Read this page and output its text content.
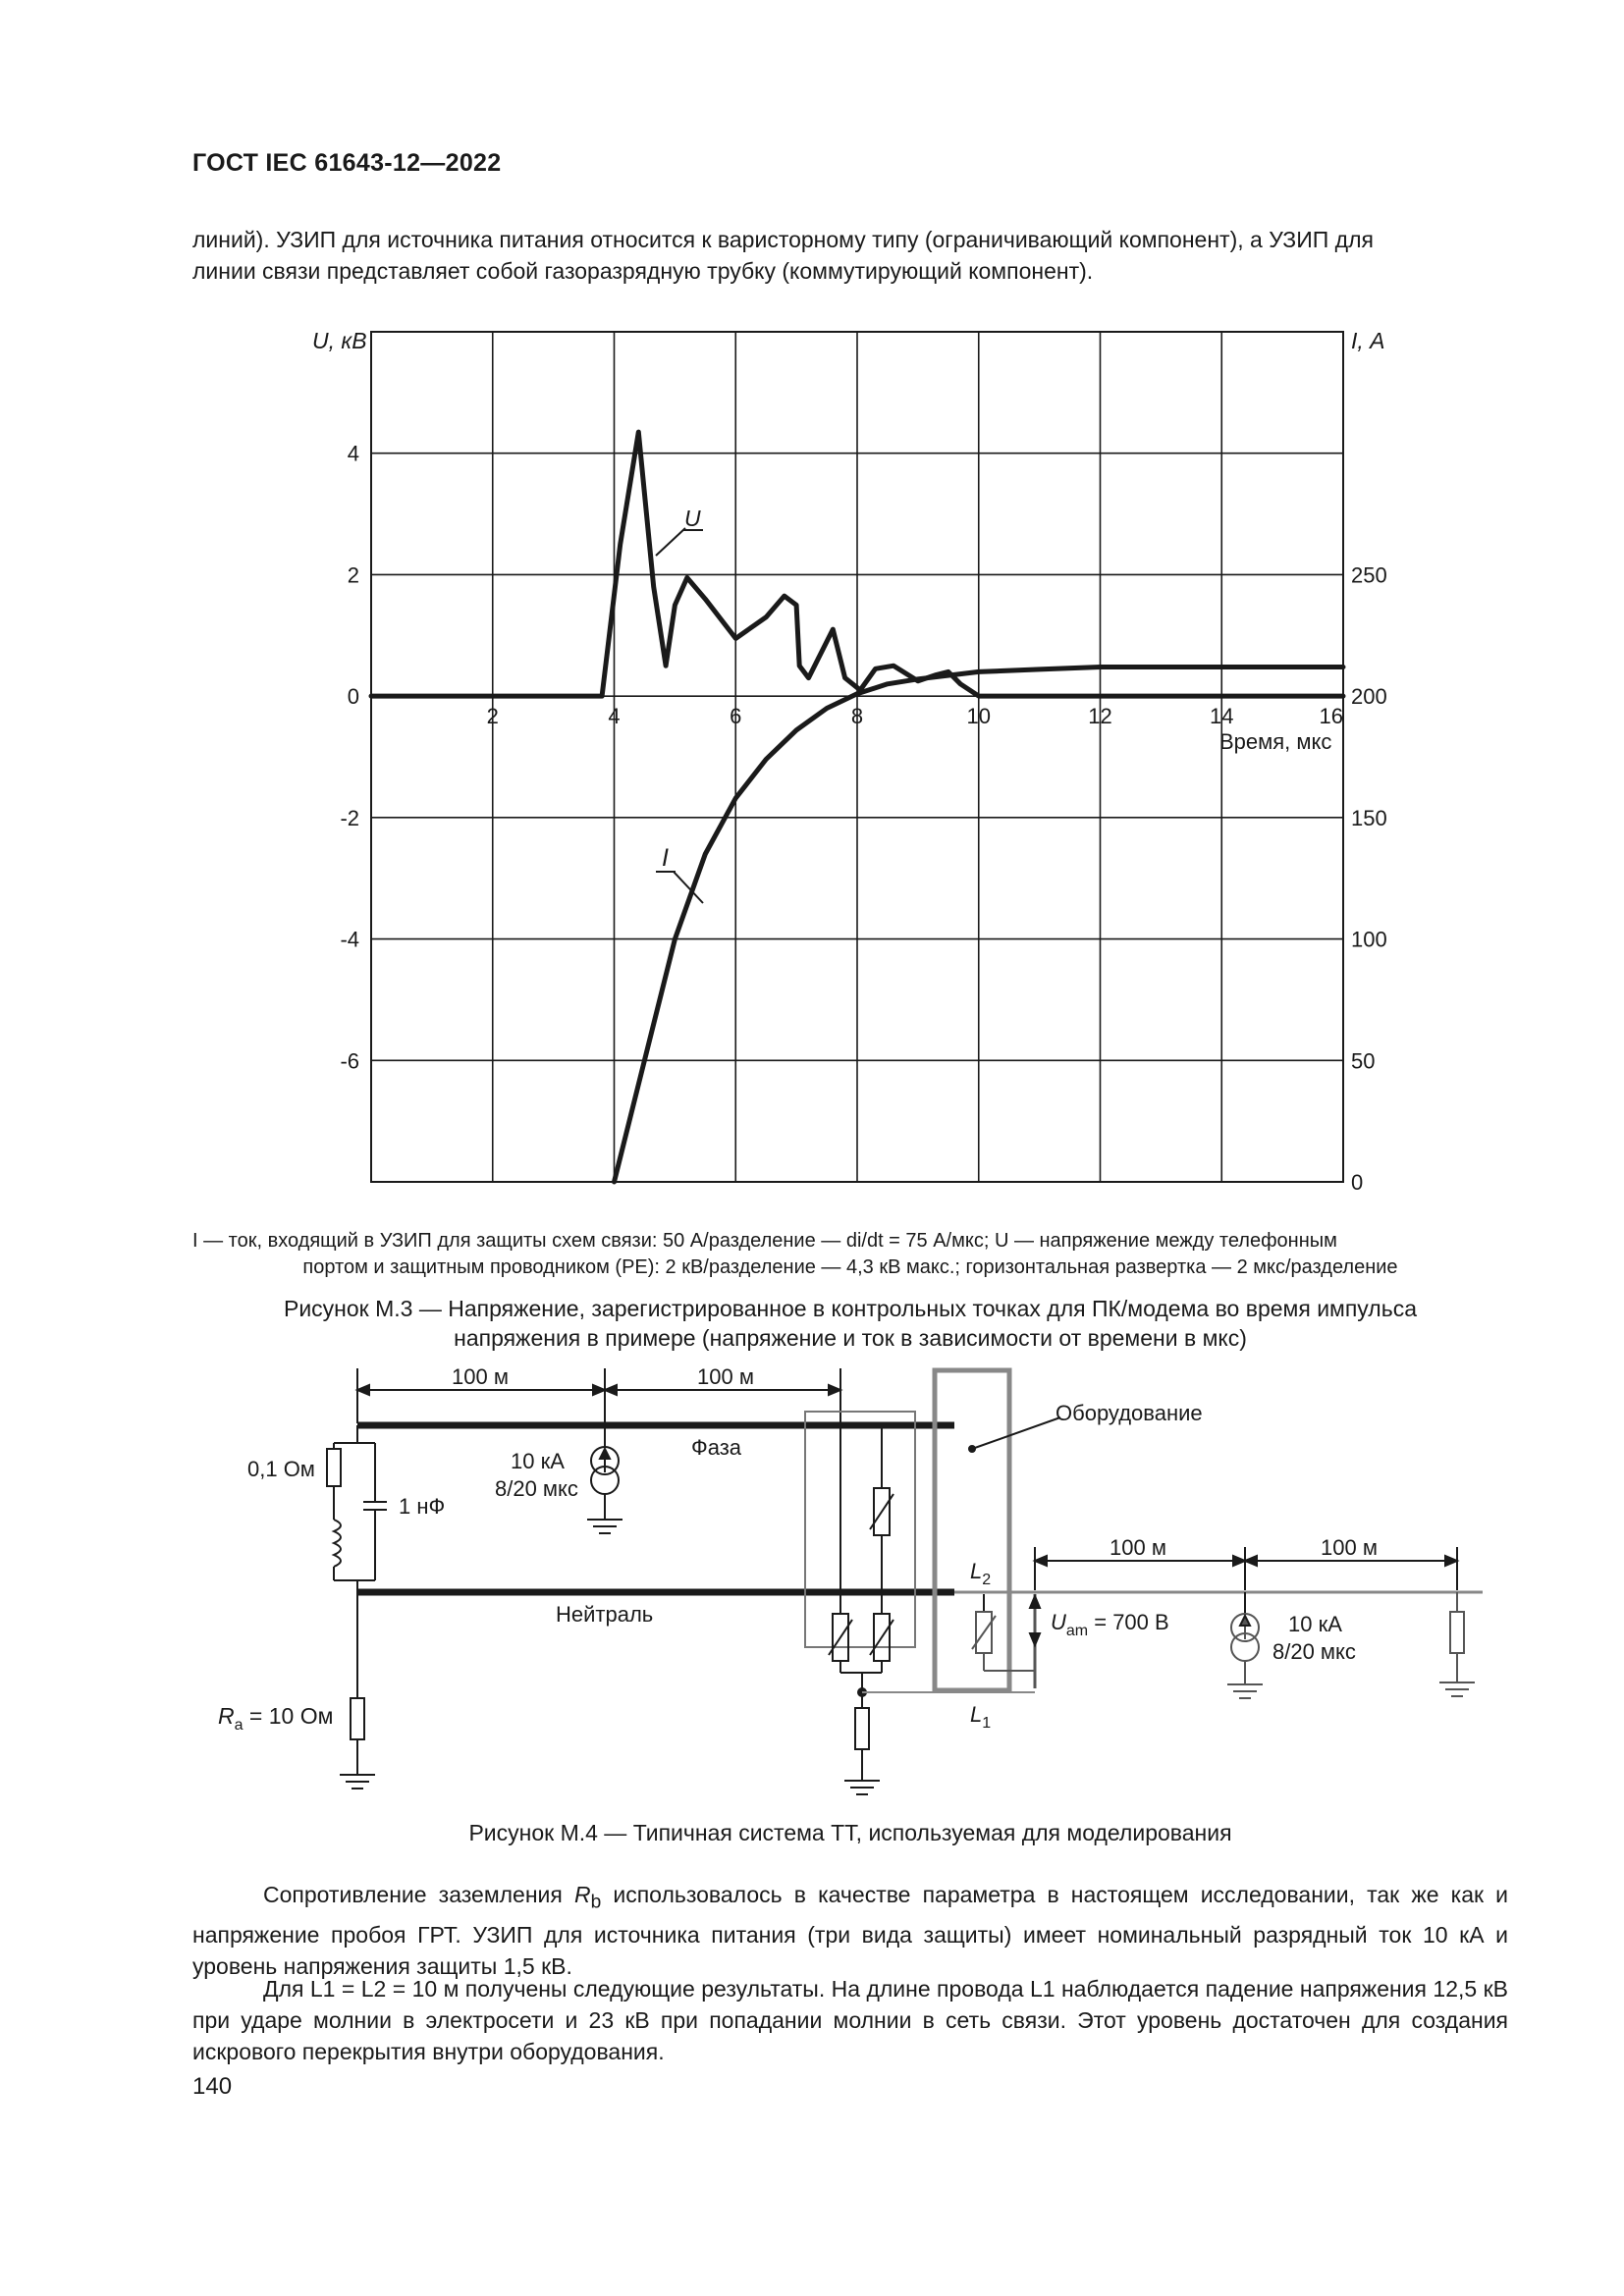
ГОСТ IEC 61643-12—2022
линий). УЗИП для источника питания относится к варисторному типу (ограничивающий компонент), а УЗИП для
линии связи представляет собой газоразрядную трубку (коммутирующий компонент).
4
2
0
-2
-4
-6
250
200
150
100
50
0
2	4	6	8	10	12	14	16
U, кВ	I, А
Время, мкс
U
I
I — ток, входящий в УЗИП для защиты схем связи: 50 А/разделение — di/dt = 75 А/мкс; U — напряжение между телефонным
портом и защитным проводником (PE): 2 кВ/разделение — 4,3 кВ макс.; горизонтальная развертка — 2 мкс/разделение
Рисунок М.3 — Напряжение, зарегистрированное в контрольных точках для ПК/модема во время импульса
напряжения в примере (напряжение и ток в зависимости от времени в мкс)
100 м	100 м
100 м	100 м
Фаза
Нейтраль
Оборудование
0,1 Ом
1 нФ
10 кА
8/20 мкс
10 кА
8/20 мкс
$R_a = 10$ Ом
$L_2$
$L_1$
$U_{am} = 700$ В
Рисунок М.4 — Типичная система ТТ, используемая для моделирования
Сопротивление заземления $R_b$ использовалось в качестве параметра в настоящем исследовании, так же как и напряжение пробоя ГРТ. УЗИП для источника питания (три вида защиты) имеет номинальный разрядный ток 10 кА и уровень напряжения защиты 1,5 кВ.
Для L1 = L2 = 10 м получены следующие результаты. На длине провода L1 наблюдается падение напряжения 12,5 кВ при ударе молнии в электросети и 23 кВ при попадании молнии в сеть связи. Этот уровень достаточен для создания искрового перекрытия внутри оборудования.
140
